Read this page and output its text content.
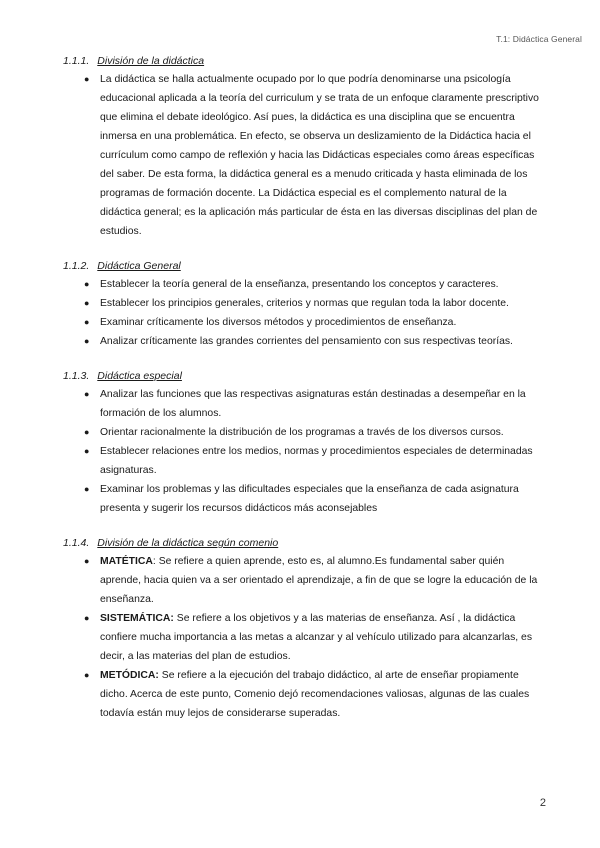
T.1: Didáctica General
1.1.1. División de la didáctica
● La didáctica se halla actualmente ocupado por lo que podría denominarse una psicología educacional aplicada a la teoría del curriculum y se trata de un enfoque claramente prescriptivo que elimina el debate ideológico. Así pues, la didáctica es una disciplina que se encuentra inmersa en una problemática. En efecto, se observa un deslizamiento de la Didáctica hacia el currículum como campo de reflexión y hacia las Didácticas especiales como áreas específicas del saber. De esta forma, la didáctica general es a menudo criticada y hasta eliminada de los programas de formación docente. La Didáctica especial es el complemento natural de la didáctica general; es la aplicación más particular de ésta en las diversas disciplinas del plan de estudios.
1.1.2. Didáctica General
● Establecer la teoría general de la enseñanza, presentando los conceptos y caracteres.
● Establecer los principios generales, criterios y normas que regulan toda la labor docente.
● Examinar críticamente los diversos métodos y procedimientos de enseñanza.
● Analizar críticamente las grandes corrientes del pensamiento con sus respectivas teorías.
1.1.3. Didáctica especial
● Analizar las funciones que las respectivas asignaturas están destinadas a desempeñar en la formación de los alumnos.
● Orientar racionalmente la distribución de los programas a través de los diversos cursos.
● Establecer relaciones entre los medios, normas y procedimientos especiales de determinadas asignaturas.
● Examinar los problemas y las dificultades especiales que la enseñanza de cada asignatura presenta y sugerir los recursos didácticos más aconsejables
1.1.4. División de la didáctica según comenio
● MATÉTICA: Se refiere a quien aprende, esto es, al alumno.Es fundamental saber quién aprende, hacia quien va a ser orientado el aprendizaje, a fin de que se logre la educación de la enseñanza.
● SISTEMÁTICA: Se refiere a los objetivos y a las materias de enseñanza. Así , la didáctica confiere mucha importancia a las metas a alcanzar y al vehículo utilizado para alcanzarlas, es decir, a las materias del plan de estudios.
● METÓDICA: Se refiere a la ejecución del trabajo didáctico, al arte de enseñar propiamente dicho. Acerca de este punto, Comenio dejó recomendaciones valiosas, algunas de las cuales todavía están muy lejos de considerarse superadas.
2
